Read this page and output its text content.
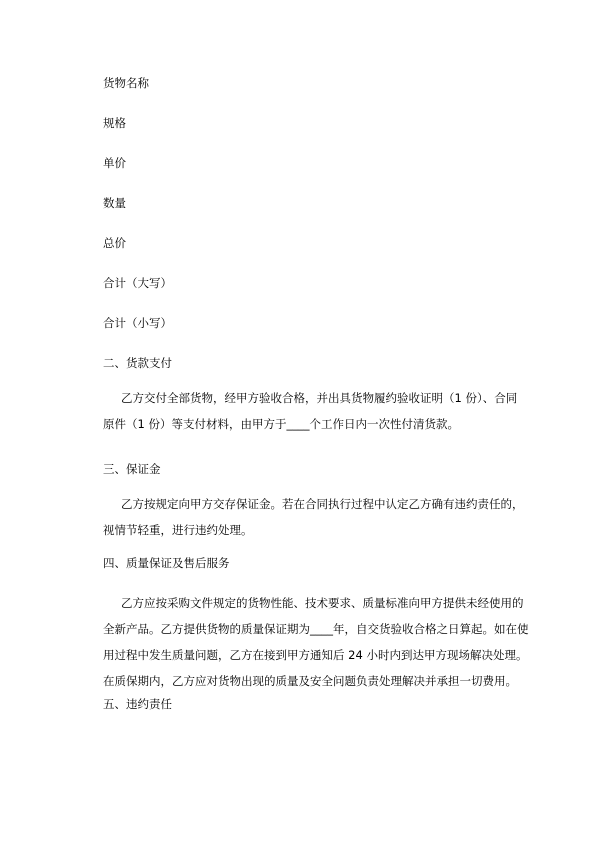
货物名称

规格

单价

数量

总价

合计（大写）

合计（小写）

二、货款支付

乙方交付全部货物，经甲方验收合格，并出具货物履约验收证明（1 份）、合同
原件（1 份）等支付材料，由甲方于____个工作日内一次性付清货款。

三、保证金

乙方按规定向甲方交存保证金。若在合同执行过程中认定乙方确有违约责任的，
视情节轻重，进行违约处理。

四、质量保证及售后服务

乙方应按采购文件规定的货物性能、技术要求、质量标准向甲方提供未经使用的
全新产品。乙方提供货物的质量保证期为____年，自交货验收合格之日算起。如在使
用过程中发生质量问题，乙方在接到甲方通知后 24 小时内到达甲方现场解决处理。
在质保期内，乙方应对货物出现的质量及安全问题负责处理解决并承担一切费用。

五、违约责任
